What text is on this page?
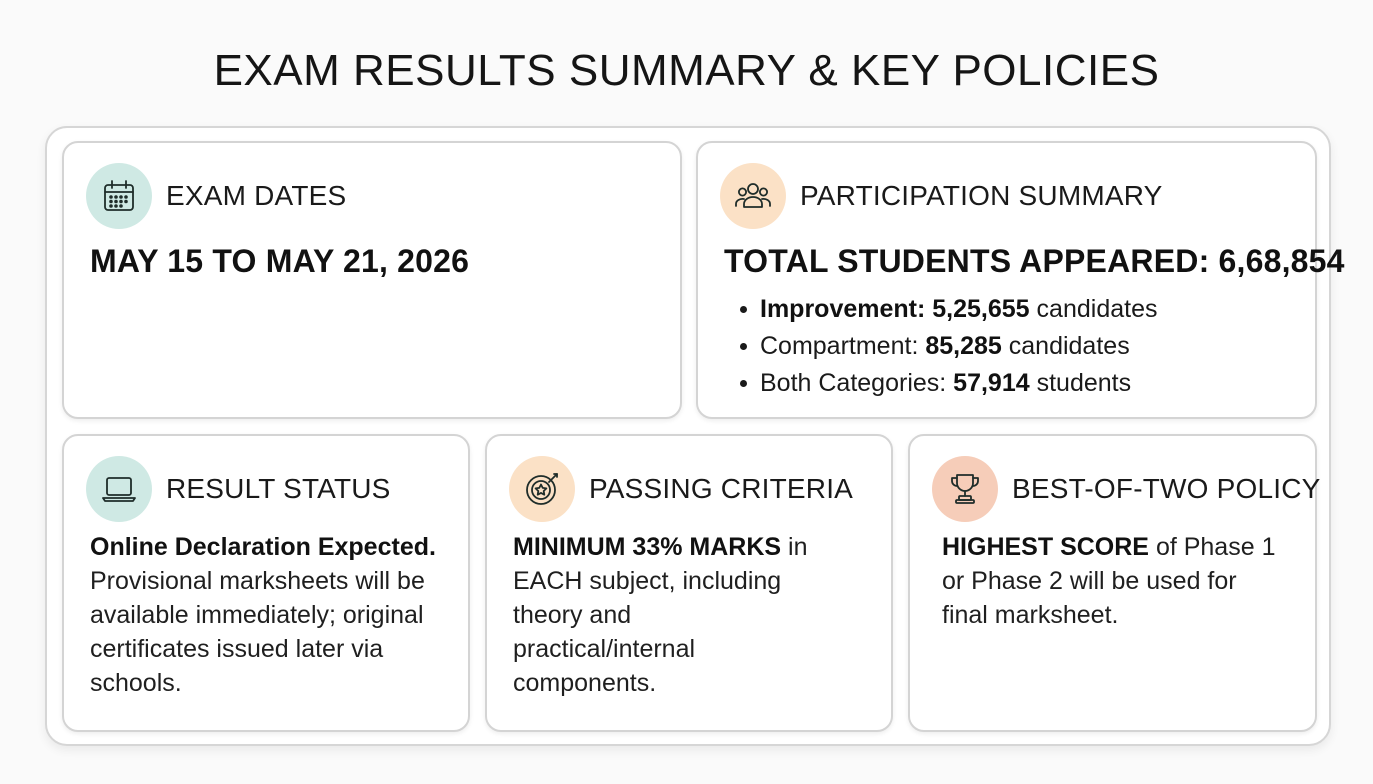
EXAM RESULTS SUMMARY & KEY POLICIES
EXAM DATES
MAY 15 TO MAY 21, 2026
PARTICIPATION SUMMARY
TOTAL STUDENTS APPEARED: 6,68,854
Improvement: 5,25,655 candidates
Compartment: 85,285 candidates
Both Categories: 57,914 students
RESULT STATUS

Online Declaration Expected. Provisional marksheets will be available immediately; original certificates issued later via schools.

PASSING CRITERIA

MINIMUM 33% MARKS in EACH subject, including theory and practical/internal components.

BEST-OF-TWO POLICY

HIGHEST SCORE of Phase 1 or Phase 2 will be used for final marksheet.
